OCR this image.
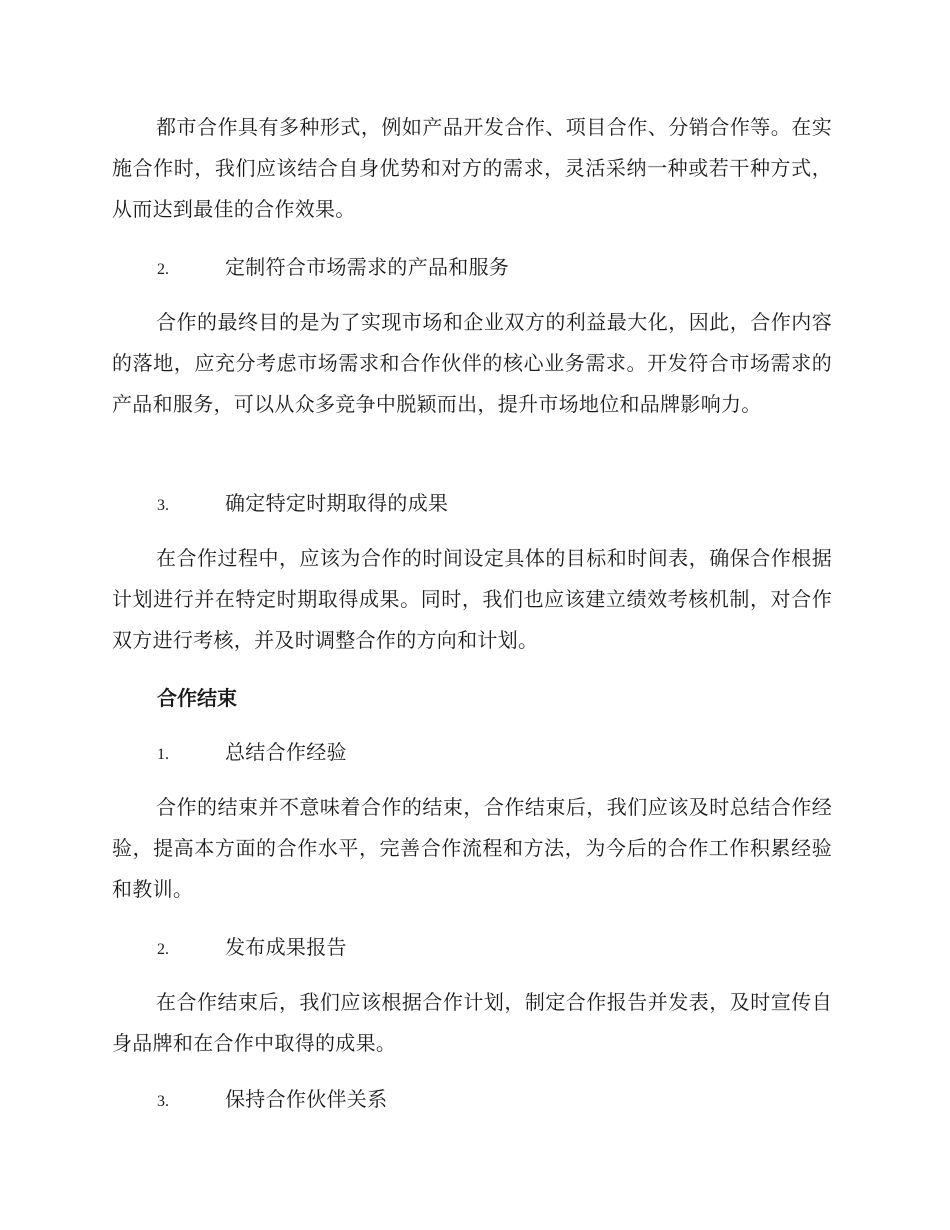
都市合作具有多种形式，例如产品开发合作、项目合作、分销合作等。在实施合作时，我们应该结合自身优势和对方的需求，灵活采纳一种或若干种方式，从而达到最佳的合作效果。

2.	定制符合市场需求的产品和服务

合作的最终目的是为了实现市场和企业双方的利益最大化，因此，合作内容的落地，应充分考虑市场需求和合作伙伴的核心业务需求。开发符合市场需求的产品和服务，可以从众多竞争中脱颖而出，提升市场地位和品牌影响力。

3.	确定特定时期取得的成果

在合作过程中，应该为合作的时间设定具体的目标和时间表，确保合作根据计划进行并在特定时期取得成果。同时，我们也应该建立绩效考核机制，对合作双方进行考核，并及时调整合作的方向和计划。

合作结束
1.	总结合作经验

合作的结束并不意味着合作的结束，合作结束后，我们应该及时总结合作经验，提高本方面的合作水平，完善合作流程和方法，为今后的合作工作积累经验和教训。

2.	发布成果报告

在合作结束后，我们应该根据合作计划，制定合作报告并发表，及时宣传自身品牌和在合作中取得的成果。

3.	保持合作伙伴关系
